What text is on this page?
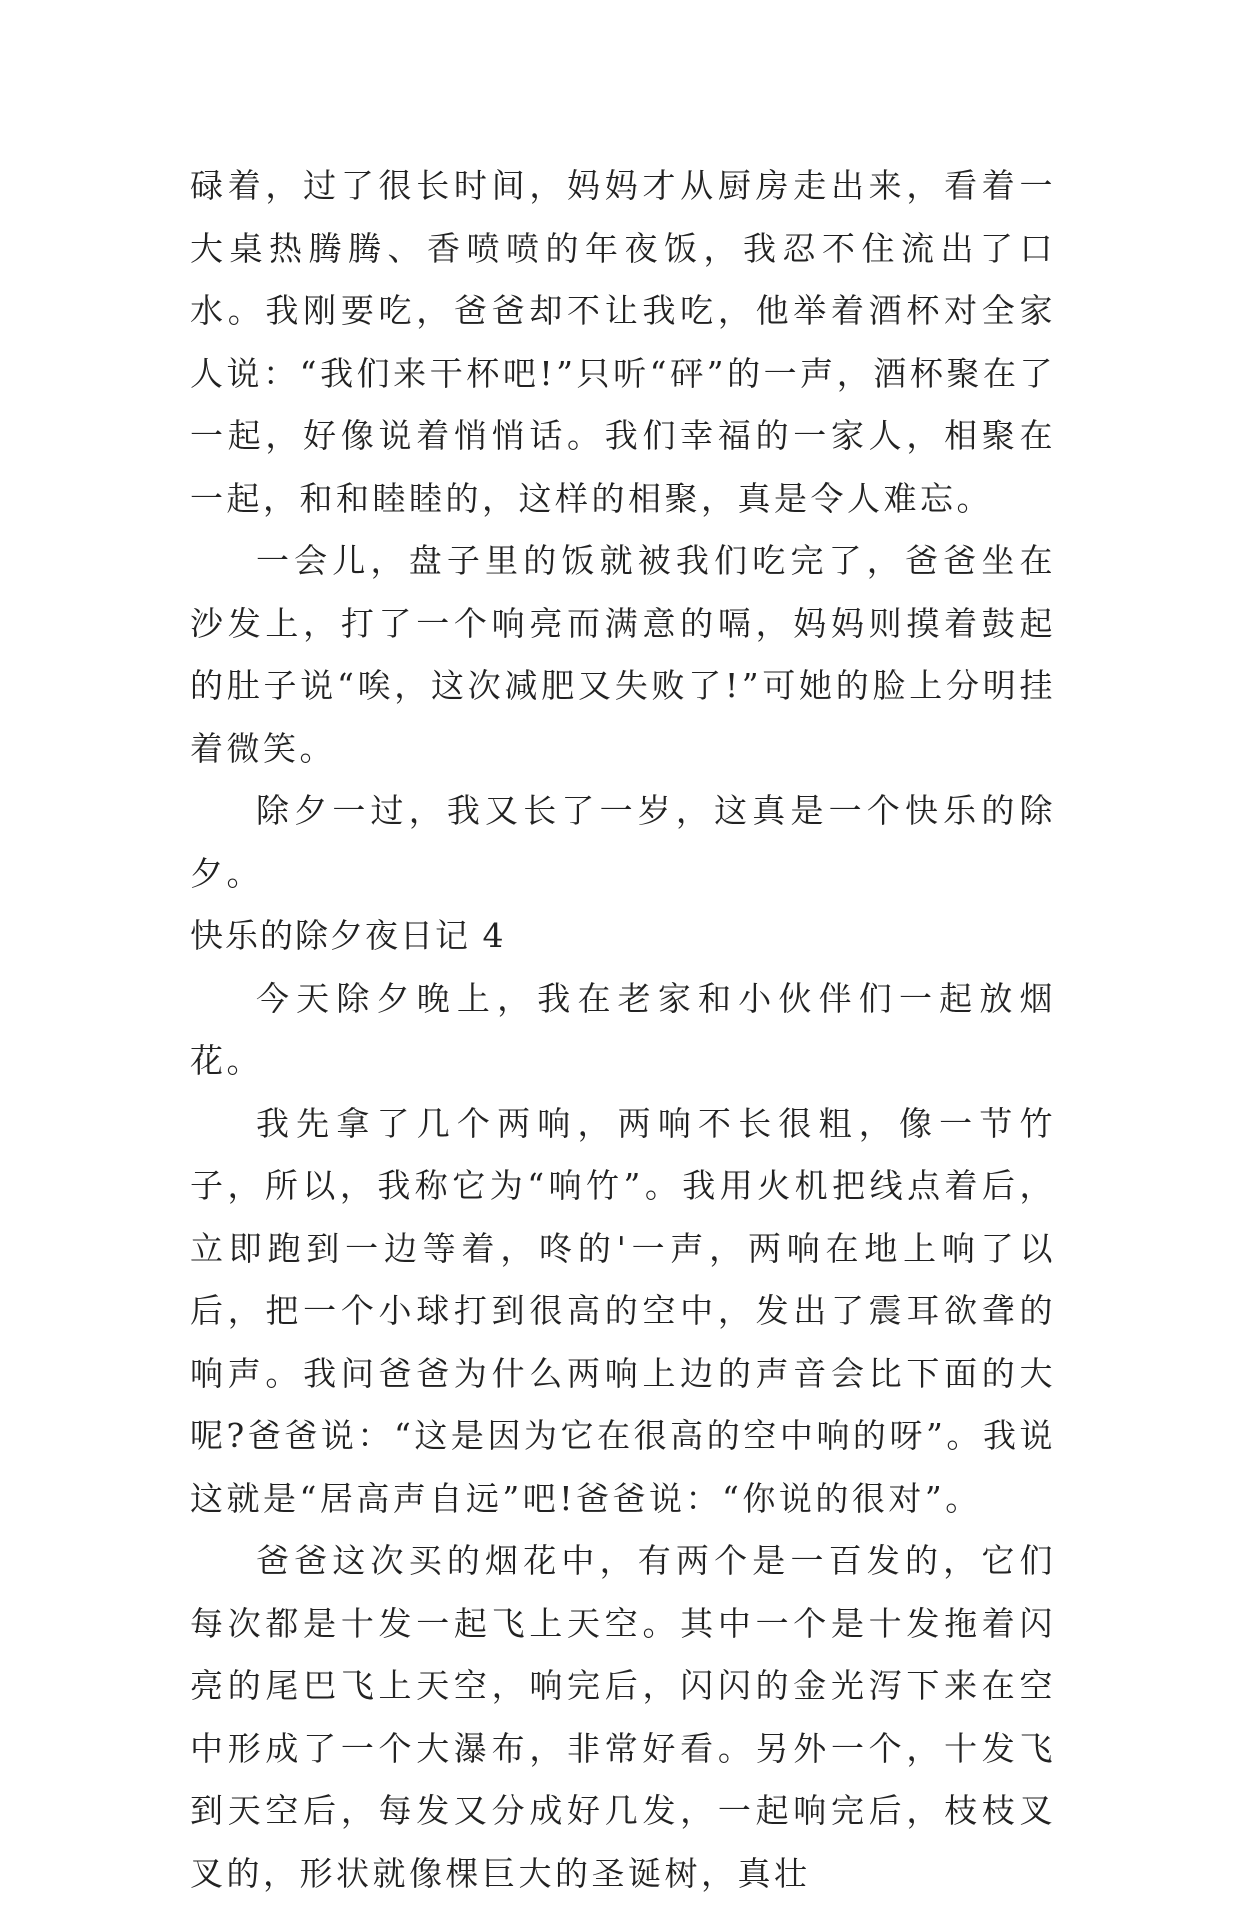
碌着，过了很长时间，妈妈才从厨房走出来，看着一大桌热腾腾、香喷喷的年夜饭，我忍不住流出了口水。我刚要吃，爸爸却不让我吃，他举着酒杯对全家人说：“我们来干杯吧!”只听“砰”的一声，酒杯聚在了一起，好像说着悄悄话。我们幸福的一家人，相聚在一起，和和睦睦的，这样的相聚，真是令人难忘。

一会儿，盘子里的饭就被我们吃完了，爸爸坐在沙发上，打了一个响亮而满意的嗝，妈妈则摸着鼓起的肚子说“唉，这次减肥又失败了!”可她的脸上分明挂着微笑。

除夕一过，我又长了一岁，这真是一个快乐的除夕。

快乐的除夕夜日记 4

今天除夕晚上，我在老家和小伙伴们一起放烟花。

我先拿了几个两响，两响不长很粗，像一节竹子，所以，我称它为“响竹”。我用火机把线点着后，立即跑到一边等着，咚的'一声，两响在地上响了以后，把一个小球打到很高的空中，发出了震耳欲聋的响声。我问爸爸为什么两响上边的声音会比下面的大呢?爸爸说：“这是因为它在很高的空中响的呀”。我说这就是“居高声自远”吧!爸爸说：“你说的很对”。

爸爸这次买的烟花中，有两个是一百发的，它们每次都是十发一起飞上天空。其中一个是十发拖着闪亮的尾巴飞上天空，响完后，闪闪的金光泻下来在空中形成了一个大瀑布，非常好看。另外一个，十发飞到天空后，每发又分成好几发，一起响完后，枝枝叉叉的，形状就像棵巨大的圣诞树，真壮
